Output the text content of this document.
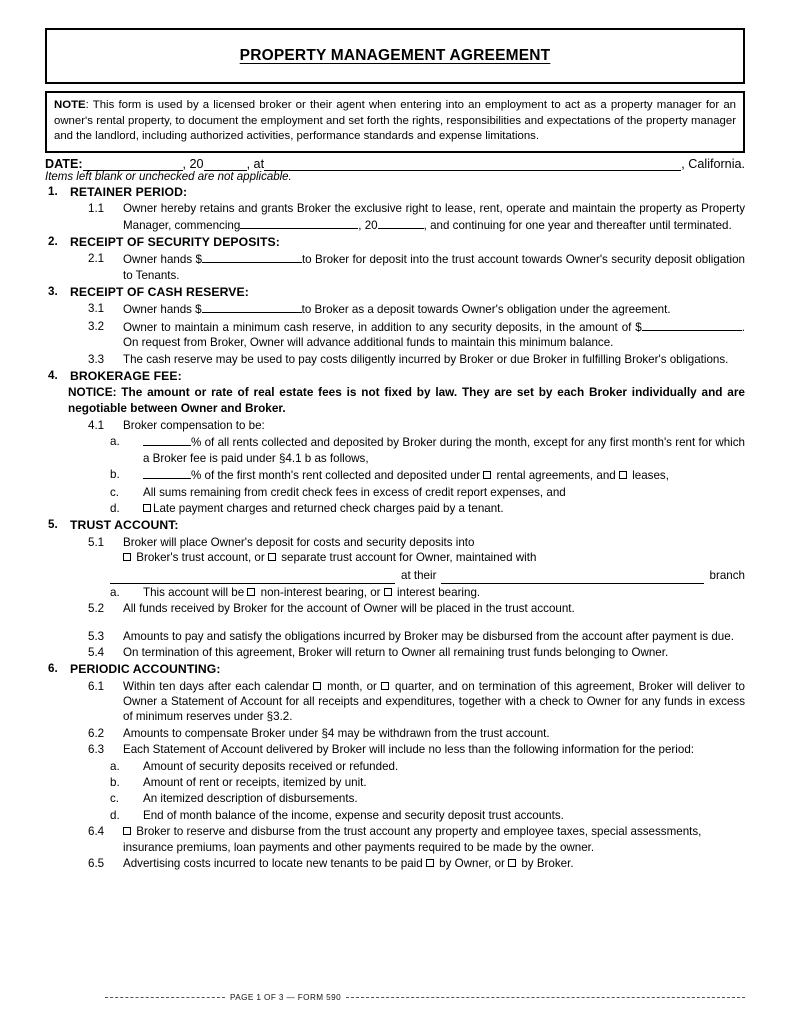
PROPERTY MANAGEMENT AGREEMENT
NOTE: This form is used by a licensed broker or their agent when entering into an employment to act as a property manager for an owner's rental property, to document the employment and set forth the rights, responsibilities and expectations of the property manager and the landlord, including authorized activities, performance standards and expense limitations.
DATE:	, 20	, at	, California.
Items left blank or unchecked are not applicable.
1.	RETAINER PERIOD:
1.1	Owner hereby retains and grants Broker the exclusive right to lease, rent, operate and maintain the property as Property Manager, commencing	, 20	, and continuing for one year and thereafter until terminated.
2.	RECEIPT OF SECURITY DEPOSITS:
2.1	Owner hands $	to Broker for deposit into the trust account towards Owner's security deposit obligation to Tenants.
3.	RECEIPT OF CASH RESERVE:
3.1	Owner hands $	to Broker as a deposit towards Owner's obligation under the agreement.
3.2	Owner to maintain a minimum cash reserve, in addition to any security deposits, in the amount of $	. On request from Broker, Owner will advance additional funds to maintain this minimum balance.
3.3	The cash reserve may be used to pay costs diligently incurred by Broker or due Broker in fulfilling Broker's obligations.
4.	BROKERAGE FEE:
NOTICE: The amount or rate of real estate fees is not fixed by law. They are set by each Broker individually and are negotiable between Owner and Broker.
4.1	Broker compensation to be:
a.	% of all rents collected and deposited by Broker during the month, except for any first month's rent for which a Broker fee is paid under §4.1 b as follows,
b.	% of the first month's rent collected and deposited under rental agreements, and leases,
c.	All sums remaining from credit check fees in excess of credit report expenses, and
d.	Late payment charges and returned check charges paid by a tenant.
5.	TRUST ACCOUNT:
5.1	Broker will place Owner's deposit for costs and security deposits into
Broker's trust account, or separate trust account for Owner, maintained with
at their	branch
a.	This account will be non-interest bearing, or interest bearing.
5.2	All funds received by Broker for the account of Owner will be placed in the trust account.
5.3	Amounts to pay and satisfy the obligations incurred by Broker may be disbursed from the account after payment is due.
5.4	On termination of this agreement, Broker will return to Owner all remaining trust funds belonging to Owner.
6.	PERIODIC ACCOUNTING:
6.1	Within ten days after each calendar month, or quarter, and on termination of this agreement, Broker will deliver to Owner a Statement of Account for all receipts and expenditures, together with a check to Owner for any funds in excess of minimum reserves under §3.2.
6.2	Amounts to compensate Broker under §4 may be withdrawn from the trust account.
6.3	Each Statement of Account delivered by Broker will include no less than the following information for the period:
a.	Amount of security deposits received or refunded.
b.	Amount of rent or receipts, itemized by unit.
c.	An itemized description of disbursements.
d.	End of month balance of the income, expense and security deposit trust accounts.
6.4	Broker to reserve and disburse from the trust account any property and employee taxes, special assessments, insurance premiums, loan payments and other payments required to be made by the owner.
6.5	Advertising costs incurred to locate new tenants to be paid by Owner, or by Broker.
PAGE 1 OF 3 — FORM 590
